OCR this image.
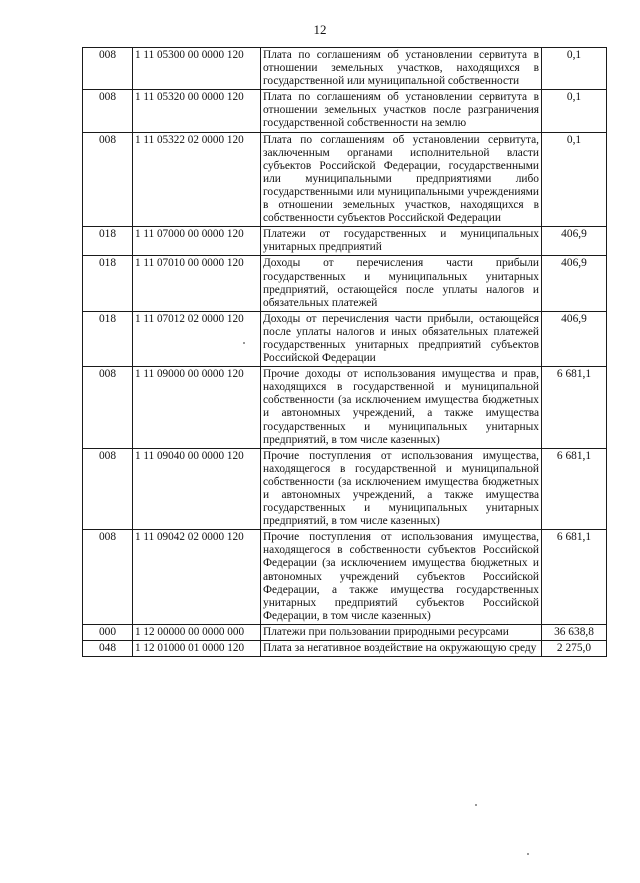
12
008	1 11 05300 00 0000 120	Плата по соглашениям об установлении сервитута в отношении земельных участков, находящихся в государственной или муниципальной собственности	0,1
008	1 11 05320 00 0000 120	Плата по соглашениям об установлении сервитута в отношении земельных участков после разграничения государственной собственности на землю	0,1
008	1 11 05322 02 0000 120	Плата по соглашениям об установлении сервитута, заключенным органами исполнительной власти субъектов Российской Федерации, государственными или муниципальными предприятиями либо государственными или муниципальными учреждениями в отношении земельных участков, находящихся в собственности субъектов Российской Федерации	0,1
018	1 11 07000 00 0000 120	Платежи от государственных и муниципальных унитарных предприятий	406,9
018	1 11 07010 00 0000 120	Доходы от перечисления части прибыли государственных и муниципальных унитарных предприятий, остающейся после уплаты налогов и обязательных платежей	406,9
018	1 11 07012 02 0000 120	Доходы от перечисления части прибыли, остающейся после уплаты налогов и иных обязательных платежей государственных унитарных предприятий субъектов Российской Федерации	406,9
008	1 11 09000 00 0000 120	Прочие доходы от использования имущества и прав, находящихся в государственной и муниципальной собственности (за исключением имущества бюджетных и автономных учреждений, а также имущества государственных и муниципальных унитарных предприятий, в том числе казенных)	6 681,1
008	1 11 09040 00 0000 120	Прочие поступления от использования имущества, находящегося в государственной и муниципальной собственности (за исключением имущества бюджетных и автономных учреждений, а также имущества государственных и муниципальных унитарных предприятий, в том числе казенных)	6 681,1
008	1 11 09042 02 0000 120	Прочие поступления от использования имущества, находящегося в собственности субъектов Российской Федерации (за исключением имущества бюджетных и автономных учреждений субъектов Российской Федерации, а также имущества государственных унитарных предприятий субъектов Российской Федерации, в том числе казенных)	6 681,1
000	1 12 00000 00 0000 000	Платежи при пользовании природными ресурсами	36 638,8
048	1 12 01000 01 0000 120	Плата за негативное воздействие на окружающую среду	2 275,0
